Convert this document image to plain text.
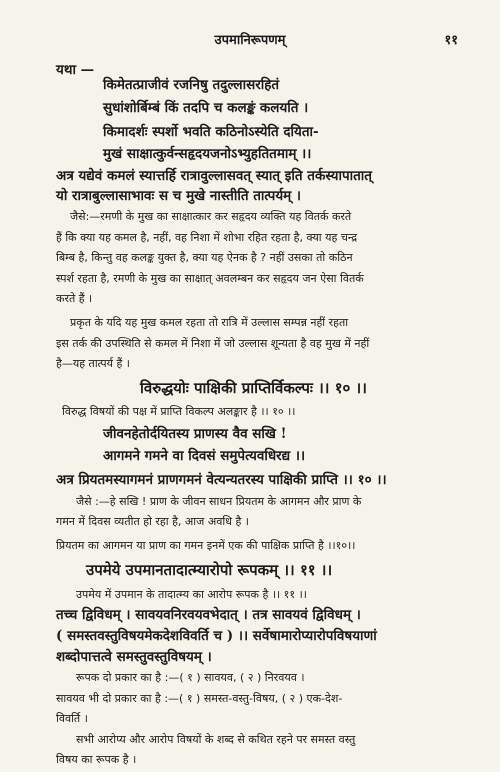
उपमानिरूपणम्	११
यथा —
किमेतत्प्राजीवं रजनिषु तदुल्लासरहितं
सुधांशोर्बिम्बं किं तदपि च कलङ्कं कलयति ।
किमादर्शः स्पर्शो भवति कठिनोऽस्येति दयिता-
मुखं साक्षात्कुर्वन्सहृदयजनोऽभ्युहतितमाम् ।।
अत्र यद्येवं कमलं स्यात्तर्हि रात्रावुल्लासवत् स्यात् इति तर्कस्यापातात्
यो रात्राबुल्लासाभावः स च मुखे नास्तीति तात्पर्यम् ।
जैसे:—रमणी के मुख का साक्षात्कार कर सहृदय व्यक्ति यह वितर्क करते
हैं कि क्या यह कमल है, नहीं, वह निशा में शोभा रहित रहता है, क्या यह चन्द्र
बिम्ब है, किन्तु वह कलङ्क युक्त है, क्या यह ऐनक है ? नहीं उसका तो कठिन
स्पर्श रहता है, रमणी के मुख का साक्षात् अवलम्बन कर सहृदय जन ऐसा वितर्क
करते हैं ।
प्रकृत के यदि यह मुख कमल रहता तो रात्रि में उल्लास सम्पन्न नहीं रहता
इस तर्क की उपस्थिति से कमल में निशा में जो उल्लास शून्यता है वह मुख में नहीं
है—यह तात्पर्य हैं ।
विरुद्धयोः पाक्षिकी प्राप्तिर्विकल्पः ।। १० ।।
विरुद्ध विषयों की पक्ष में प्राप्ति विकल्प अलङ्कार है ।। १० ।।
जीवनहेतोर्दयितस्य प्राणस्य वैव सखि !
आगमने गमने वा दिवसं समुपेत्यवधिरद्य ।।
अत्र प्रियतमस्यागमनं प्राणगमनं वेत्यन्यतरस्य पाक्षिकी प्राप्ति ।। १० ।।
जैसे :—हे सखि ! प्राण के जीवन साधन प्रियतम के आगमन और प्राण के
गमन में दिवस व्यतीत हो रहा है, आज अवधि है ।
प्रियतम का आगमन या प्राण का गमन इनमें एक की पाक्षिक प्राप्ति है ।।१०।।
उपमेये उपमानतादात्म्यारोपो रूपकम् ।। ११ ।।
उपमेय में उपमान के तादात्म्य का आरोप रूपक है ।। ११ ।।
तच्च द्विविधम् । सावयवनिरवयवभेदात् । तत्र सावयवं द्विविधम् ।
( समस्तवस्तुविषयमेकदेशविवर्ति च ) ।। सर्वेषामारोप्यारोपविषयाणां
शब्दोपात्तत्वे समस्तुवस्तुविषयम् ।
रूपक दो प्रकार का है :—( १ ) सावयव, ( २ ) निरवयव ।
सावयव भी दो प्रकार का है :—( १ ) समस्त-वस्तु-विषय, ( २ ) एक-देश-
विवर्ति ।
सभी आरोप्य और आरोप विषयों के शब्द से कथित रहने पर समस्त वस्तु
विषय का रूपक है ।
